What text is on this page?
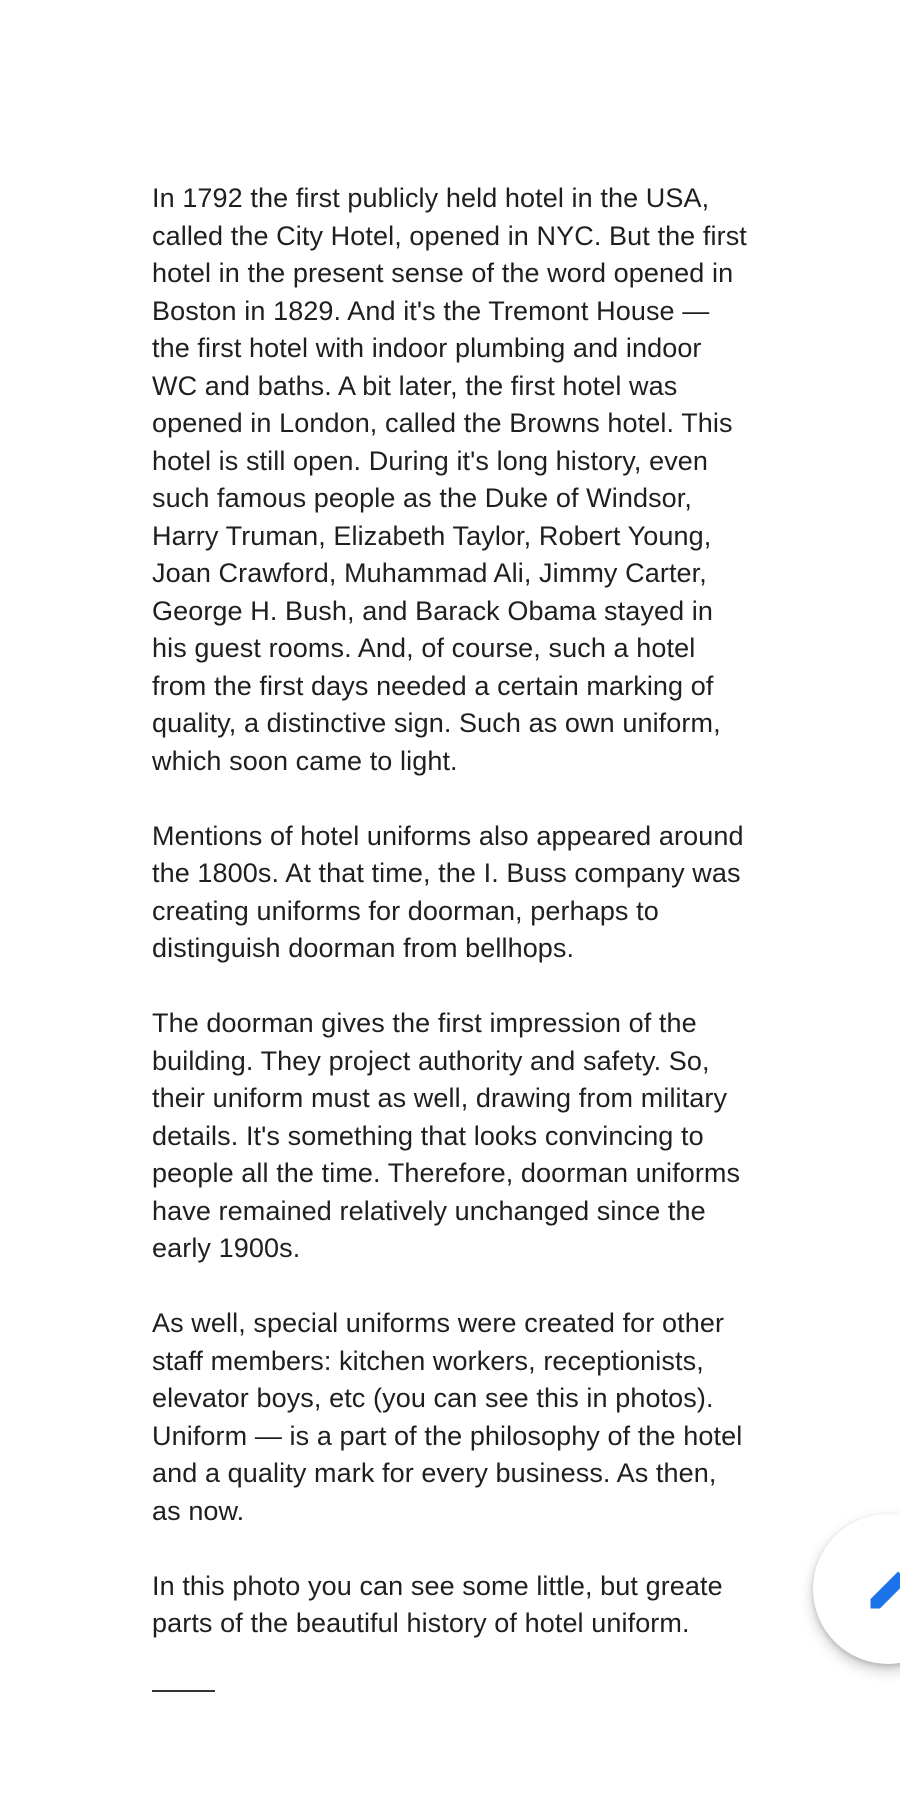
In 1792 the first publicly held hotel in the USA,
called the City Hotel, opened in NYC. But the first
hotel in the present sense of the word opened in
Boston in 1829. And it's the Tremont House —
the first hotel with indoor plumbing and indoor
WC and baths. A bit later, the first hotel was
opened in London, called the Browns hotel. This
hotel is still open. During it's long history, even
such famous people as the Duke of Windsor,
Harry Truman, Elizabeth Taylor, Robert Young,
Joan Crawford, Muhammad Ali, Jimmy Carter,
George H. Bush, and Barack Obama stayed in
his guest rooms. And, of course, such a hotel
from the first days needed a certain marking of
quality, a distinctive sign. Such as own uniform,
which soon came to light.

Mentions of hotel uniforms also appeared around
the 1800s. At that time, the I. Buss company was
creating uniforms for doorman, perhaps to
distinguish doorman from bellhops.

The doorman gives the first impression of the
building. They project authority and safety. So,
their uniform must as well, drawing from military
details. It's something that looks convincing to
people all the time. Therefore, doorman uniforms
have remained relatively unchanged since the
early 1900s.

As well, special uniforms were created for other
staff members: kitchen workers, receptionists,
elevator boys, etc (you can see this in photos).
Uniform — is a part of the philosophy of the hotel
and a quality mark for every business. As then,
as now.

In this photo you can see some little, but greate
parts of the beautiful history of hotel uniform.
